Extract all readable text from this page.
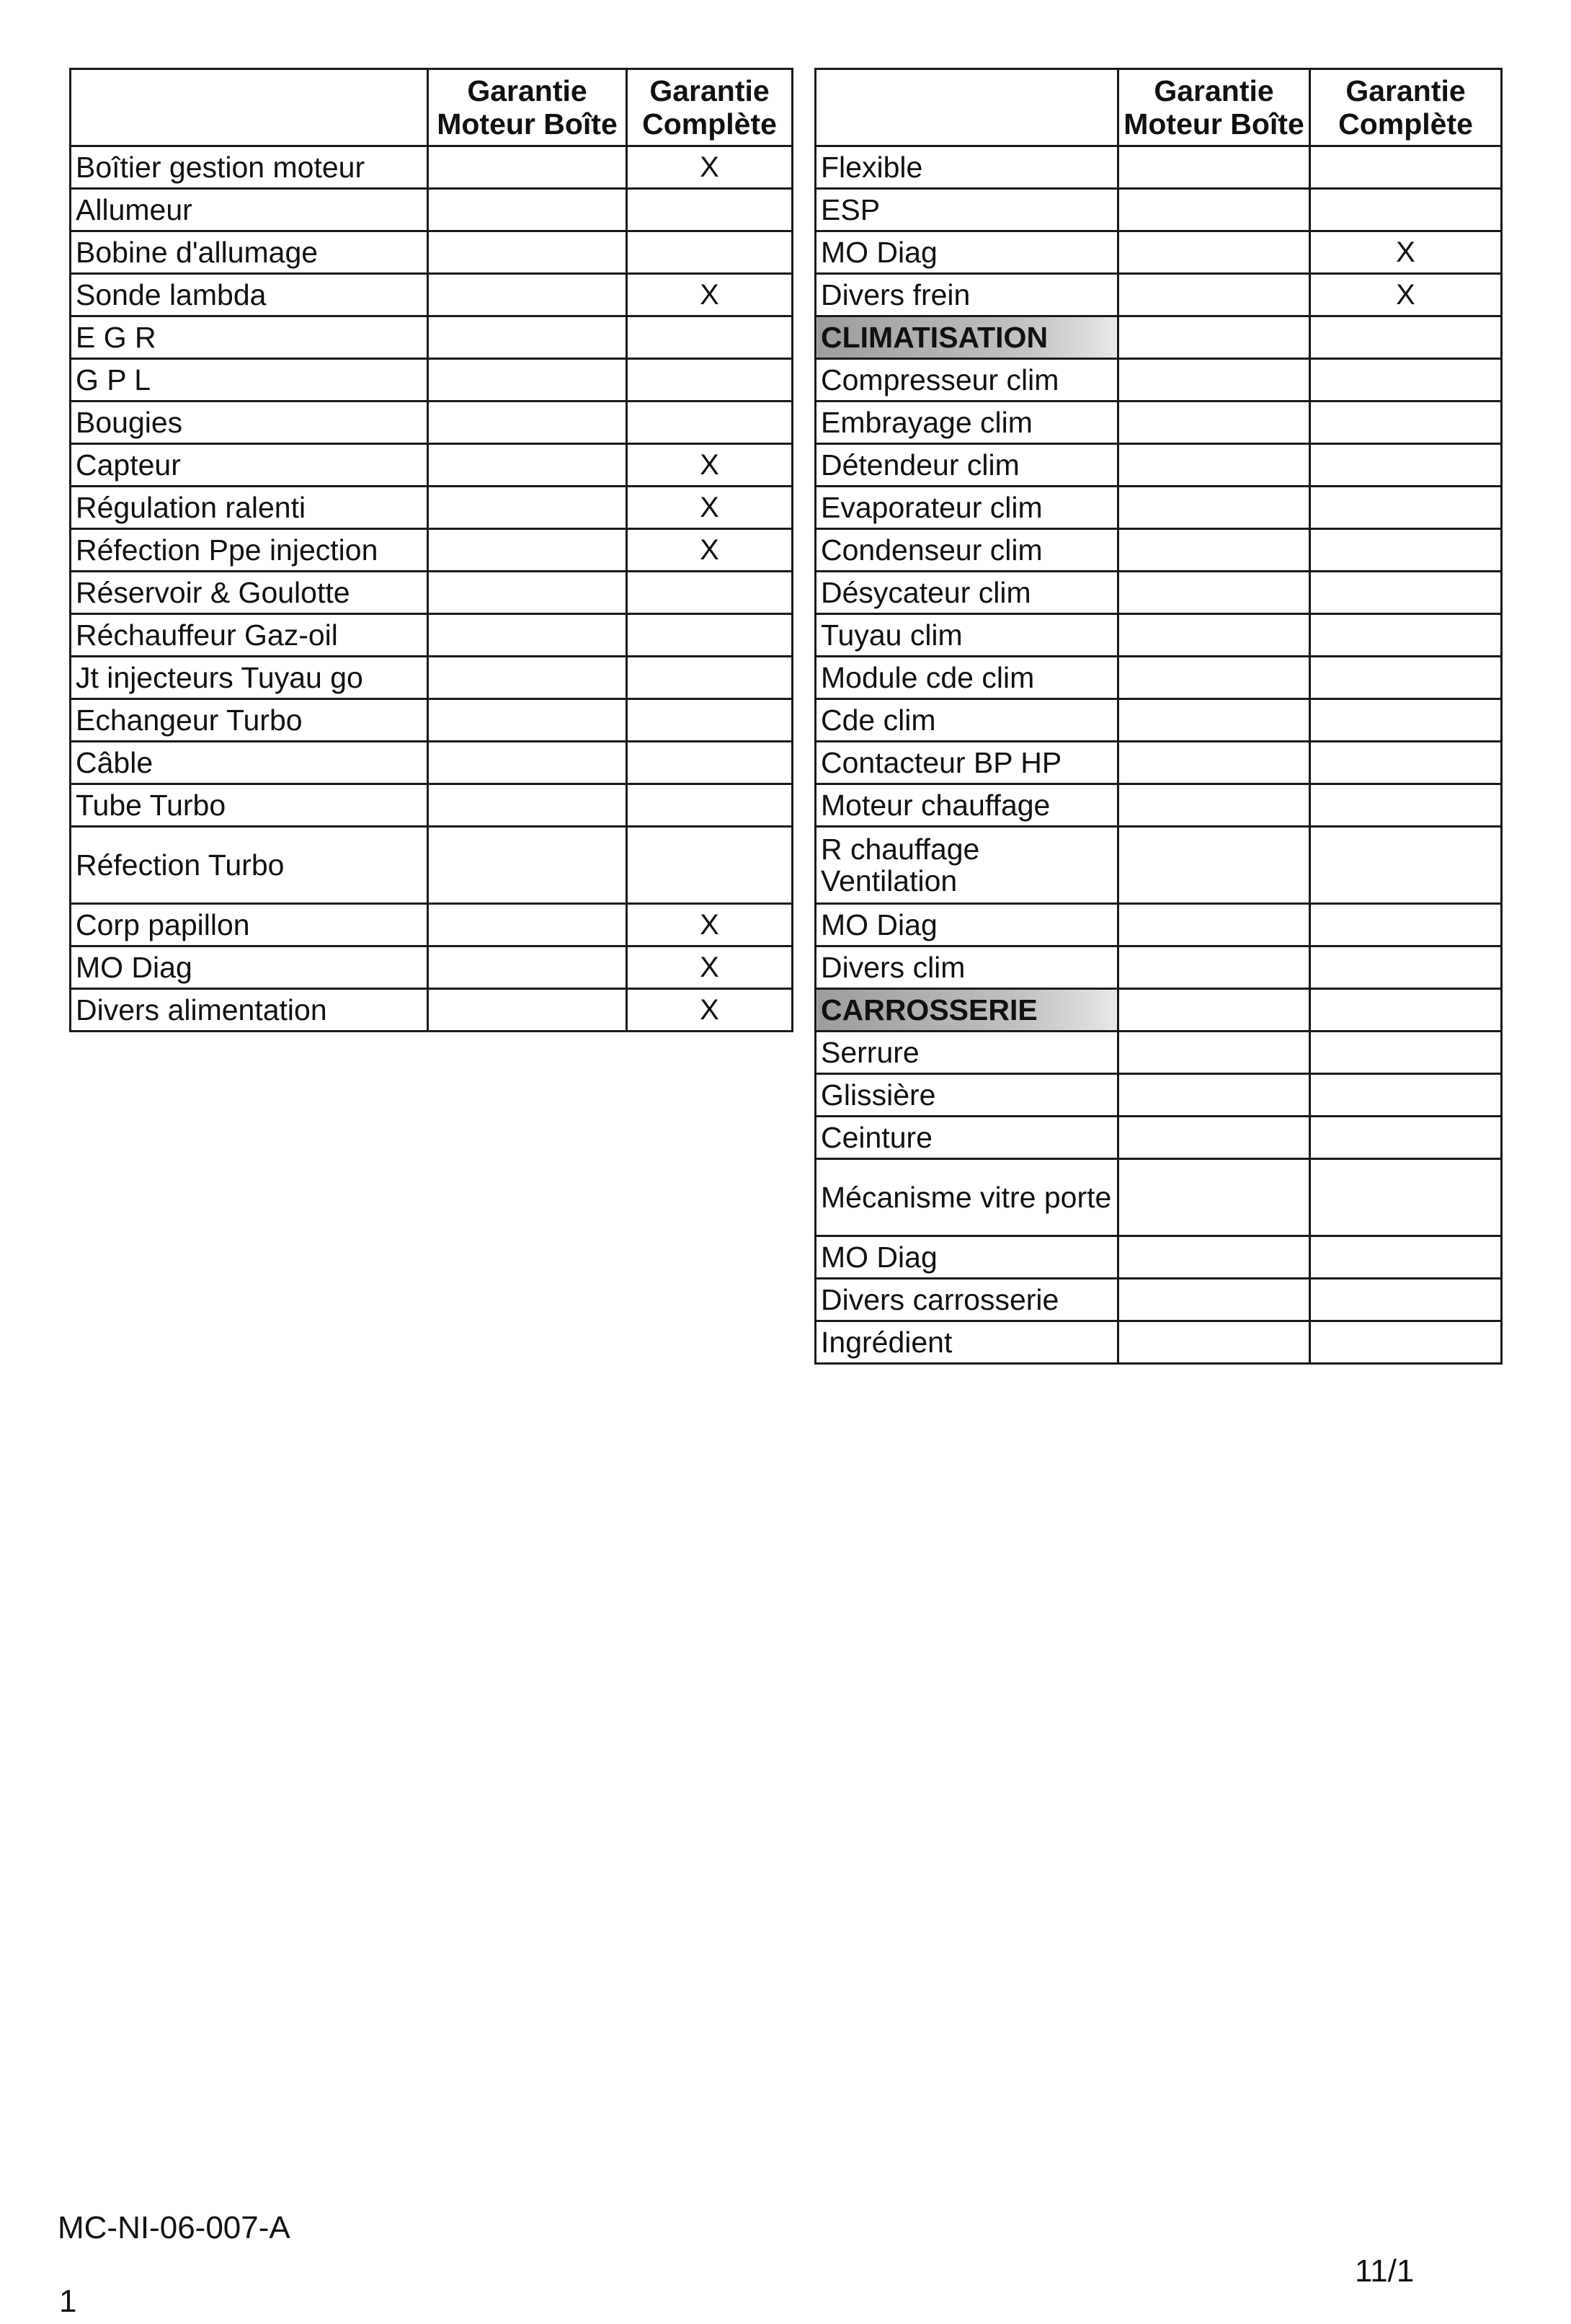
	Garantie Moteur Boîte	Garantie Complète
Boîtier gestion moteur		X
Allumeur		
Bobine d'allumage		
Sonde lambda		X
E G R		
G P L		
Bougies		
Capteur		X
Régulation ralenti		X
Réfection Ppe injection		X
Réservoir & Goulotte		
Réchauffeur Gaz-oil		
Jt injecteurs Tuyau go		
Echangeur Turbo		
Câble		
Tube Turbo		
Réfection Turbo		
Corp papillon		X
MO Diag		X
Divers alimentation		X
	Garantie Moteur Boîte	Garantie Complète
Flexible		
ESP		
MO Diag		X
Divers frein		X
CLIMATISATION		
Compresseur clim		
Embrayage clim		
Détendeur clim		
Evaporateur clim		
Condenseur clim		
Désycateur clim		
Tuyau clim		
Module cde clim		
Cde clim		
Contacteur BP HP		
Moteur chauffage		
R chauffage Ventilation		
MO Diag		
Divers clim		
CARROSSERIE		
Serrure		
Glissière		
Ceinture		
Mécanisme vitre porte		
MO Diag		
Divers carrosserie		
Ingrédient		
MC-NI-06-007-A
11/1
1
